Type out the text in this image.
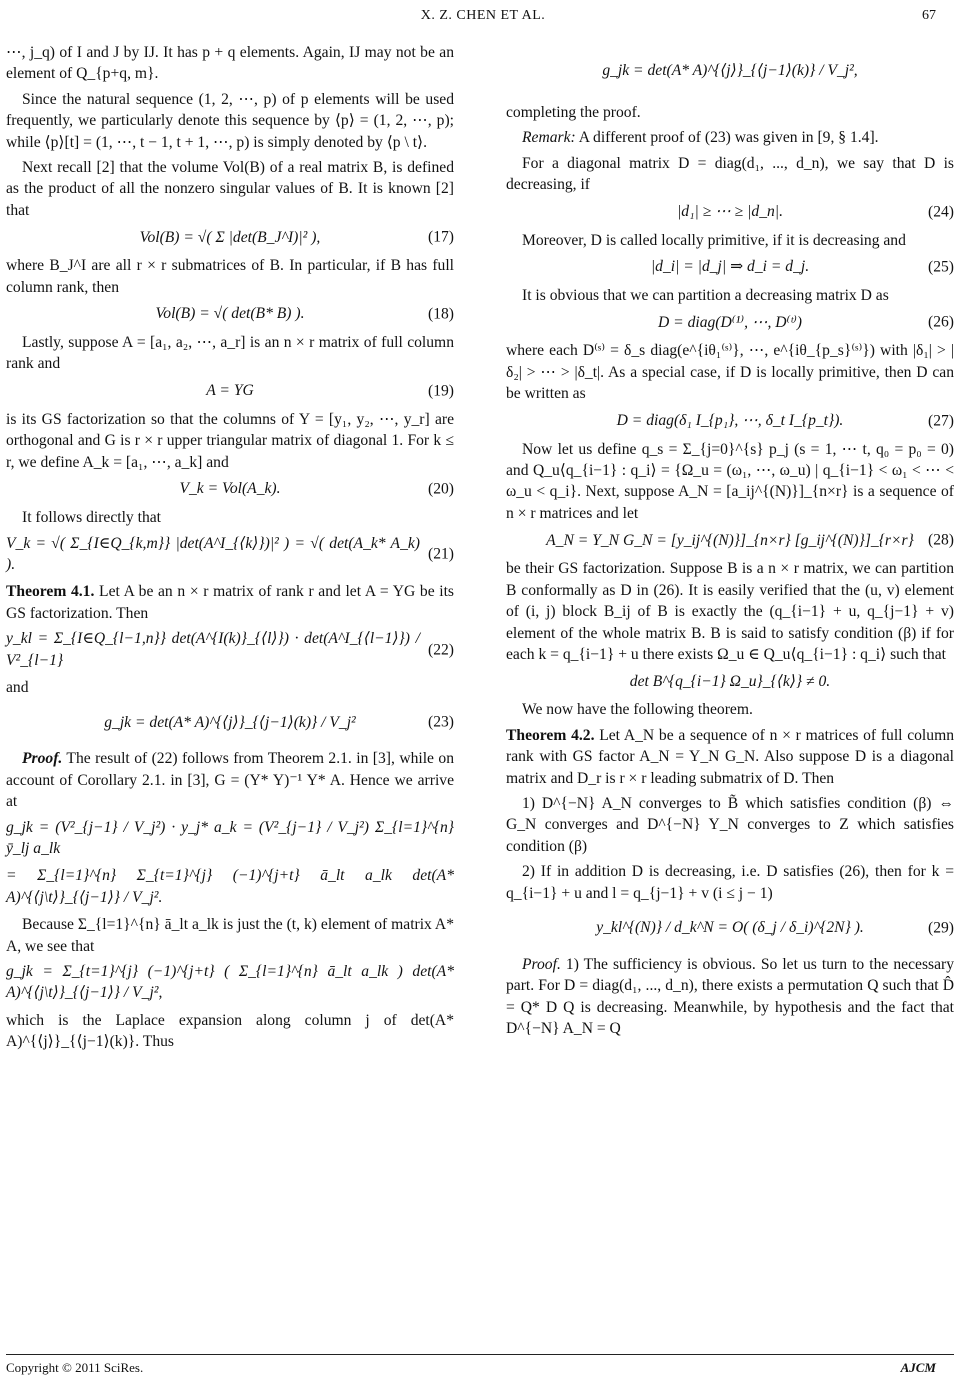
X. Z. CHEN ET AL.	67

⋯, j_q) of I and J by IJ. It has p + q elements. Again, IJ may not be an element of Q_{p+q, m}.

Since the natural sequence (1, 2, ⋯, p) of p elements will be used frequently, we particularly denote this sequence by ⟨p⟩ = (1, 2, ⋯, p); while ⟨p⟩[t] = (1, ⋯, t − 1, t + 1, ⋯, p) is simply denoted by ⟨p \ t⟩.

Next recall [2] that the volume Vol(B) of a real matrix B, is defined as the product of all the nonzero singular values of B. It is known [2] that

Vol(B) = √( Σ |det(B_J^I)|² ),	(17)

where B_J^I are all r × r submatrices of B. In particular, if B has full column rank, then

Vol(B) = √( det(B* B) ).	(18)

Lastly, suppose A = [a₁, a₂, ⋯, a_r] is an n × r matrix of full column rank and

A = YG	(19)

is its GS factorization so that the columns of Y = [y₁, y₂, ⋯, y_r] are orthogonal and G is r × r upper triangular matrix of diagonal 1. For k ≤ r, we define A_k = [a₁, ⋯, a_k] and

V_k = Vol(A_k).	(20)

It follows directly that

V_k = √( Σ_{I∈Q_{k,m}} |det(A^I_{⟨k⟩})|² ) = √( det(A_k* A_k) ).
(21)

Theorem 4.1. Let A be an n × r matrix of rank r and let A = YG be its GS factorization. Then

y_kl = Σ_{I∈Q_{l−1,n}} det(A^{I(k)}_{⟨l⟩}) · det(A^I_{⟨l−1⟩}) / V²_{l−1}
(22)

and

g_jk = det(A* A)^{⟨j⟩}_{⟨j−1⟩(k)} / V_j²	(23)

Proof. The result of (22) follows from Theorem 2.1. in [3], while on account of Corollary 2.1. in [3], G = (Y* Y)⁻¹ Y* A. Hence we arrive at

g_jk = (V²_{j−1} / V_j²) · y_j* a_k = (V²_{j−1} / V_j²) Σ_{l=1}^{n} ȳ_lj a_lk
= Σ_{l=1}^{n} Σ_{t=1}^{j} (−1)^{j+t} ā_lt a_lk det(A* A)^{⟨j\t⟩}_{⟨j−1⟩} / V_j².

Because Σ_{l=1}^{n} ā_lt a_lk is just the (t, k) element of matrix A* A, we see that

g_jk = Σ_{t=1}^{j} (−1)^{j+t} ( Σ_{l=1}^{n} ā_lt a_lk ) det(A* A)^{⟨j\t⟩}_{⟨j−1⟩} / V_j²,

which is the Laplace expansion along column j of det(A* A)^{⟨j⟩}_{⟨j−1⟩(k)}. Thus

g_jk = det(A* A)^{⟨j⟩}_{⟨j−1⟩(k)} / V_j²,

completing the proof.

Remark: A different proof of (23) was given in [9, § 1.4].

For a diagonal matrix D = diag(d₁, ..., d_n), we say that D is decreasing, if

|d₁| ≥ ⋯ ≥ |d_n|.	(24)

Moreover, D is called locally primitive, if it is decreasing and

|d_i| = |d_j| ⇒ d_i = d_j.	(25)

It is obvious that we can partition a decreasing matrix D as

D = diag(D⁽¹⁾, ⋯, D⁽ᵗ⁾)	(26)

where each D⁽ˢ⁾ = δ_s diag(e^{iθ₁⁽ˢ⁾}, ⋯, e^{iθ_{p_s}⁽ˢ⁾}) with |δ₁| > |δ₂| > ⋯ > |δ_t|. As a special case, if D is locally primitive, then D can be written as

D = diag(δ₁ I_{p₁}, ⋯, δ_t I_{p_t}).	(27)

Now let us define q_s = Σ_{j=0}^{s} p_j (s = 1, ⋯ t, q₀ = p₀ = 0) and Q_u⟨q_{i−1} : q_i⟩ = {Ω_u = (ω₁, ⋯, ω_u) | q_{i−1} < ω₁ < ⋯ < ω_u < q_i}. Next, suppose A_N = [a_ij^{(N)}]_{n×r} is a sequence of n × r matrices and let

A_N = Y_N G_N = [y_ij^{(N)}]_{n×r} [g_ij^{(N)}]_{r×r} (28)

be their GS factorization. Suppose B is a n × r matrix, we can partition B conformally as D in (26). It is easily verified that the (u, v) element of (i, j) block B_ij of B is exactly the (q_{i−1} + u, q_{j−1} + v) element of the whole matrix B. B is said to satisfy condition (β) if for each k = q_{i−1} + u there exists Ω_u ∈ Q_u⟨q_{i−1} : q_i⟩ such that

det B^{q_{i−1} Ω_u}_{⟨k⟩} ≠ 0.

We now have the following theorem.

Theorem 4.2. Let A_N be a sequence of n × r matrices of full column rank with GS factor A_N = Y_N G_N. Also suppose D is a diagonal matrix and D_r is r × r leading submatrix of D. Then

1) D^{−N} A_N converges to B̃ which satisfies condition (β) ⇔ G_N converges and D^{−N} Y_N converges to Z which satisfies condition (β)

2) If in addition D is decreasing, i.e. D satisfies (26), then for k = q_{i−1} + u and l = q_{j−1} + v (i ≤ j − 1)

y_kl^{(N)} / d_k^N = O( (δ_j / δ_i)^{2N} ).	(29)

Proof. 1) The sufficiency is obvious. So let us turn to the necessary part. For D = diag(d₁, ..., d_n), there exists a permutation Q such that D̂ = Q* D Q is decreasing. Meanwhile, by hypothesis and the fact that D^{−N} A_N = Q

Copyright © 2011 SciRes.	AJCM
